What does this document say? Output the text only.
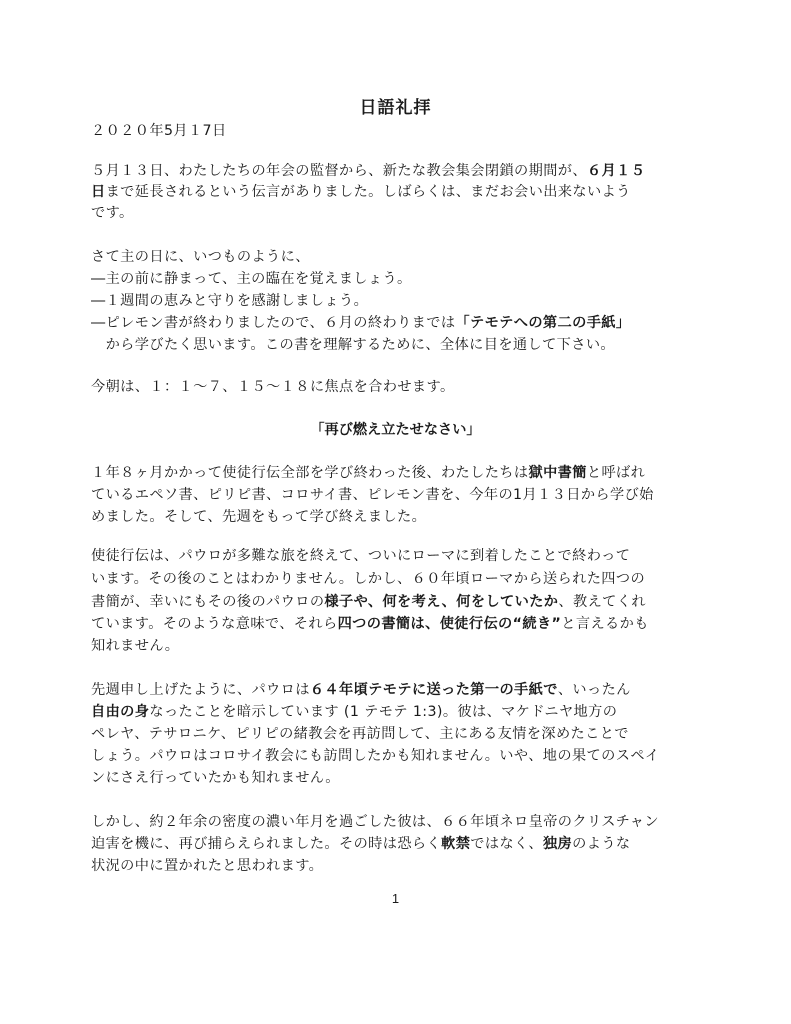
日語礼拝
２０２０年5月１7日
５月１３日、わたしたちの年会の監督から、新たな教会集会閉鎖の期間が、６月１５
日まで延長されるという伝言がありました。しばらくは、まだお会い出来ないよう
です。
さて主の日に、いつものように、
―主の前に静まって、主の臨在を覚えましょう。
―１週間の恵みと守りを感謝しましょう。
―ピレモン書が終わりましたので、６月の終わりまでは「テモテへの第二の手紙」
　から学びたく思います。この書を理解するために、全体に目を通して下さい。
今朝は、１：１～７、１５～１８に焦点を合わせます。
「再び燃え立たせなさい」
１年８ヶ月かかって使徒行伝全部を学び終わった後、わたしたちは獄中書簡と呼ばれ
ているエペソ書、ピリピ書、コロサイ書、ピレモン書を、今年の1月１３日から学び始
めました。そして、先週をもって学び終えました。
使徒行伝は、パウロが多難な旅を終えて、ついにローマに到着したことで終わって
います。その後のことはわかりません。しかし、６０年頃ローマから送られた四つの
書簡が、幸いにもその後のパウロの様子や、何を考え、何をしていたか、教えてくれ
ています。そのような意味で、それら四つの書簡は、使徒行伝の“続き”と言えるかも
知れません。
先週申し上げたように、パウロは６４年頃テモテに送った第一の手紙で、いったん
自由の身なったことを暗示しています (1 テモテ 1:3)。彼は、マケドニヤ地方の
ペレヤ、テサロニケ、ピリピの緒教会を再訪問して、主にある友情を深めたことで
しょう。パウロはコロサイ教会にも訪問したかも知れません。いや、地の果てのスペイ
ンにさえ行っていたかも知れません。
しかし、約２年余の密度の濃い年月を過ごした彼は、６６年頃ネロ皇帝のクリスチャン
迫害を機に、再び捕らえられました。その時は恐らく軟禁ではなく、独房のような
状況の中に置かれたと思われます。
1
